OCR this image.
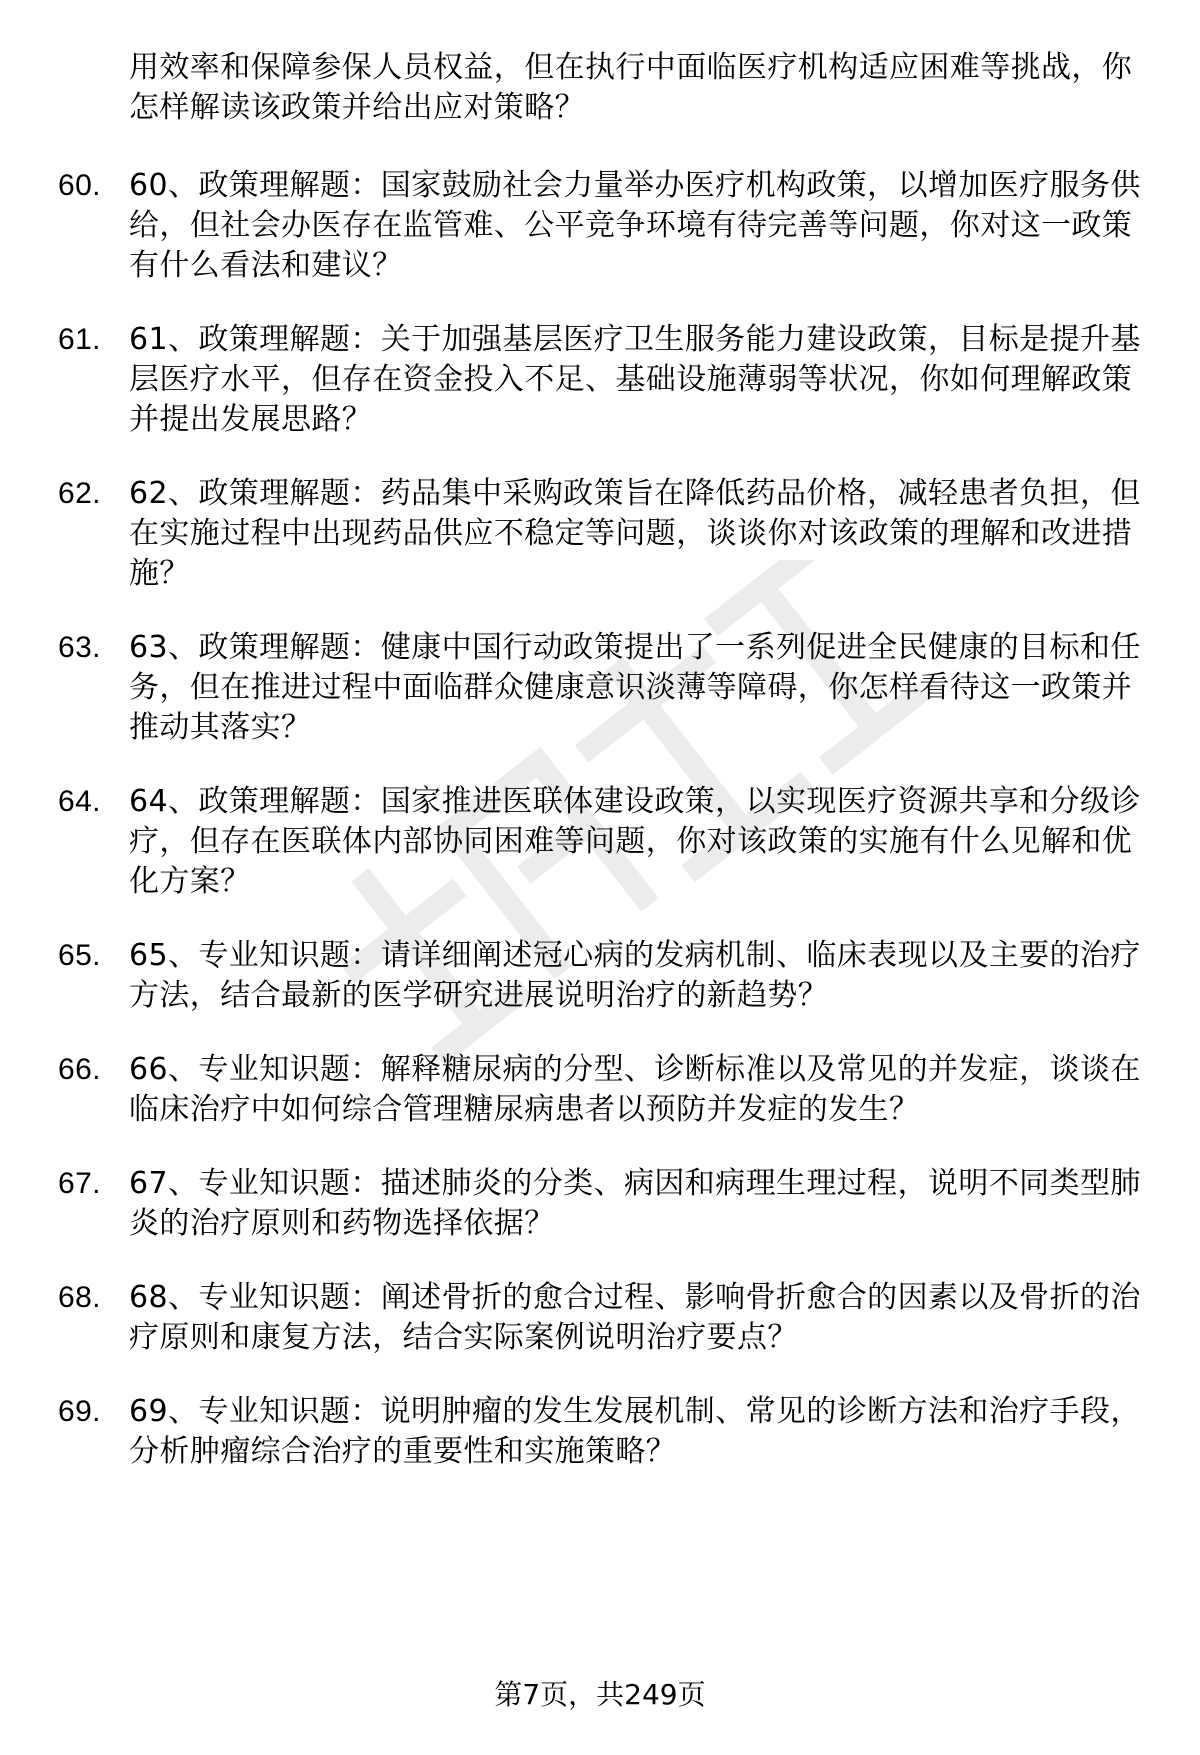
用效率和保障参保人员权益，但在执行中面临医疗机构适应困难等挑战，你怎样解读该政策并给出应对策略？
60. 60、政策理解题：国家鼓励社会力量举办医疗机构政策，以增加医疗服务供给，但社会办医存在监管难、公平竞争环境有待完善等问题，你对这一政策有什么看法和建议？
61. 61、政策理解题：关于加强基层医疗卫生服务能力建设政策，目标是提升基层医疗水平，但存在资金投入不足、基础设施薄弱等状况，你如何理解政策并提出发展思路？
62. 62、政策理解题：药品集中采购政策旨在降低药品价格，减轻患者负担，但在实施过程中出现药品供应不稳定等问题，谈谈你对该政策的理解和改进措施？
63. 63、政策理解题：健康中国行动政策提出了一系列促进全民健康的目标和任务，但在推进过程中面临群众健康意识淡薄等障碍，你怎样看待这一政策并推动其落实？
64. 64、政策理解题：国家推进医联体建设政策，以实现医疗资源共享和分级诊疗，但存在医联体内部协同困难等问题，你对该政策的实施有什么见解和优化方案？
65. 65、专业知识题：请详细阐述冠心病的发病机制、临床表现以及主要的治疗方法，结合最新的医学研究进展说明治疗的新趋势？
66. 66、专业知识题：解释糖尿病的分型、诊断标准以及常见的并发症，谈谈在临床治疗中如何综合管理糖尿病患者以预防并发症的发生？
67. 67、专业知识题：描述肺炎的分类、病因和病理生理过程，说明不同类型肺炎的治疗原则和药物选择依据？
68. 68、专业知识题：阐述骨折的愈合过程、影响骨折愈合的因素以及骨折的治疗原则和康复方法，结合实际案例说明治疗要点？
69. 69、专业知识题：说明肿瘤的发生发展机制、常见的诊断方法和治疗手段，分析肿瘤综合治疗的重要性和实施策略？
第7页，共249页
